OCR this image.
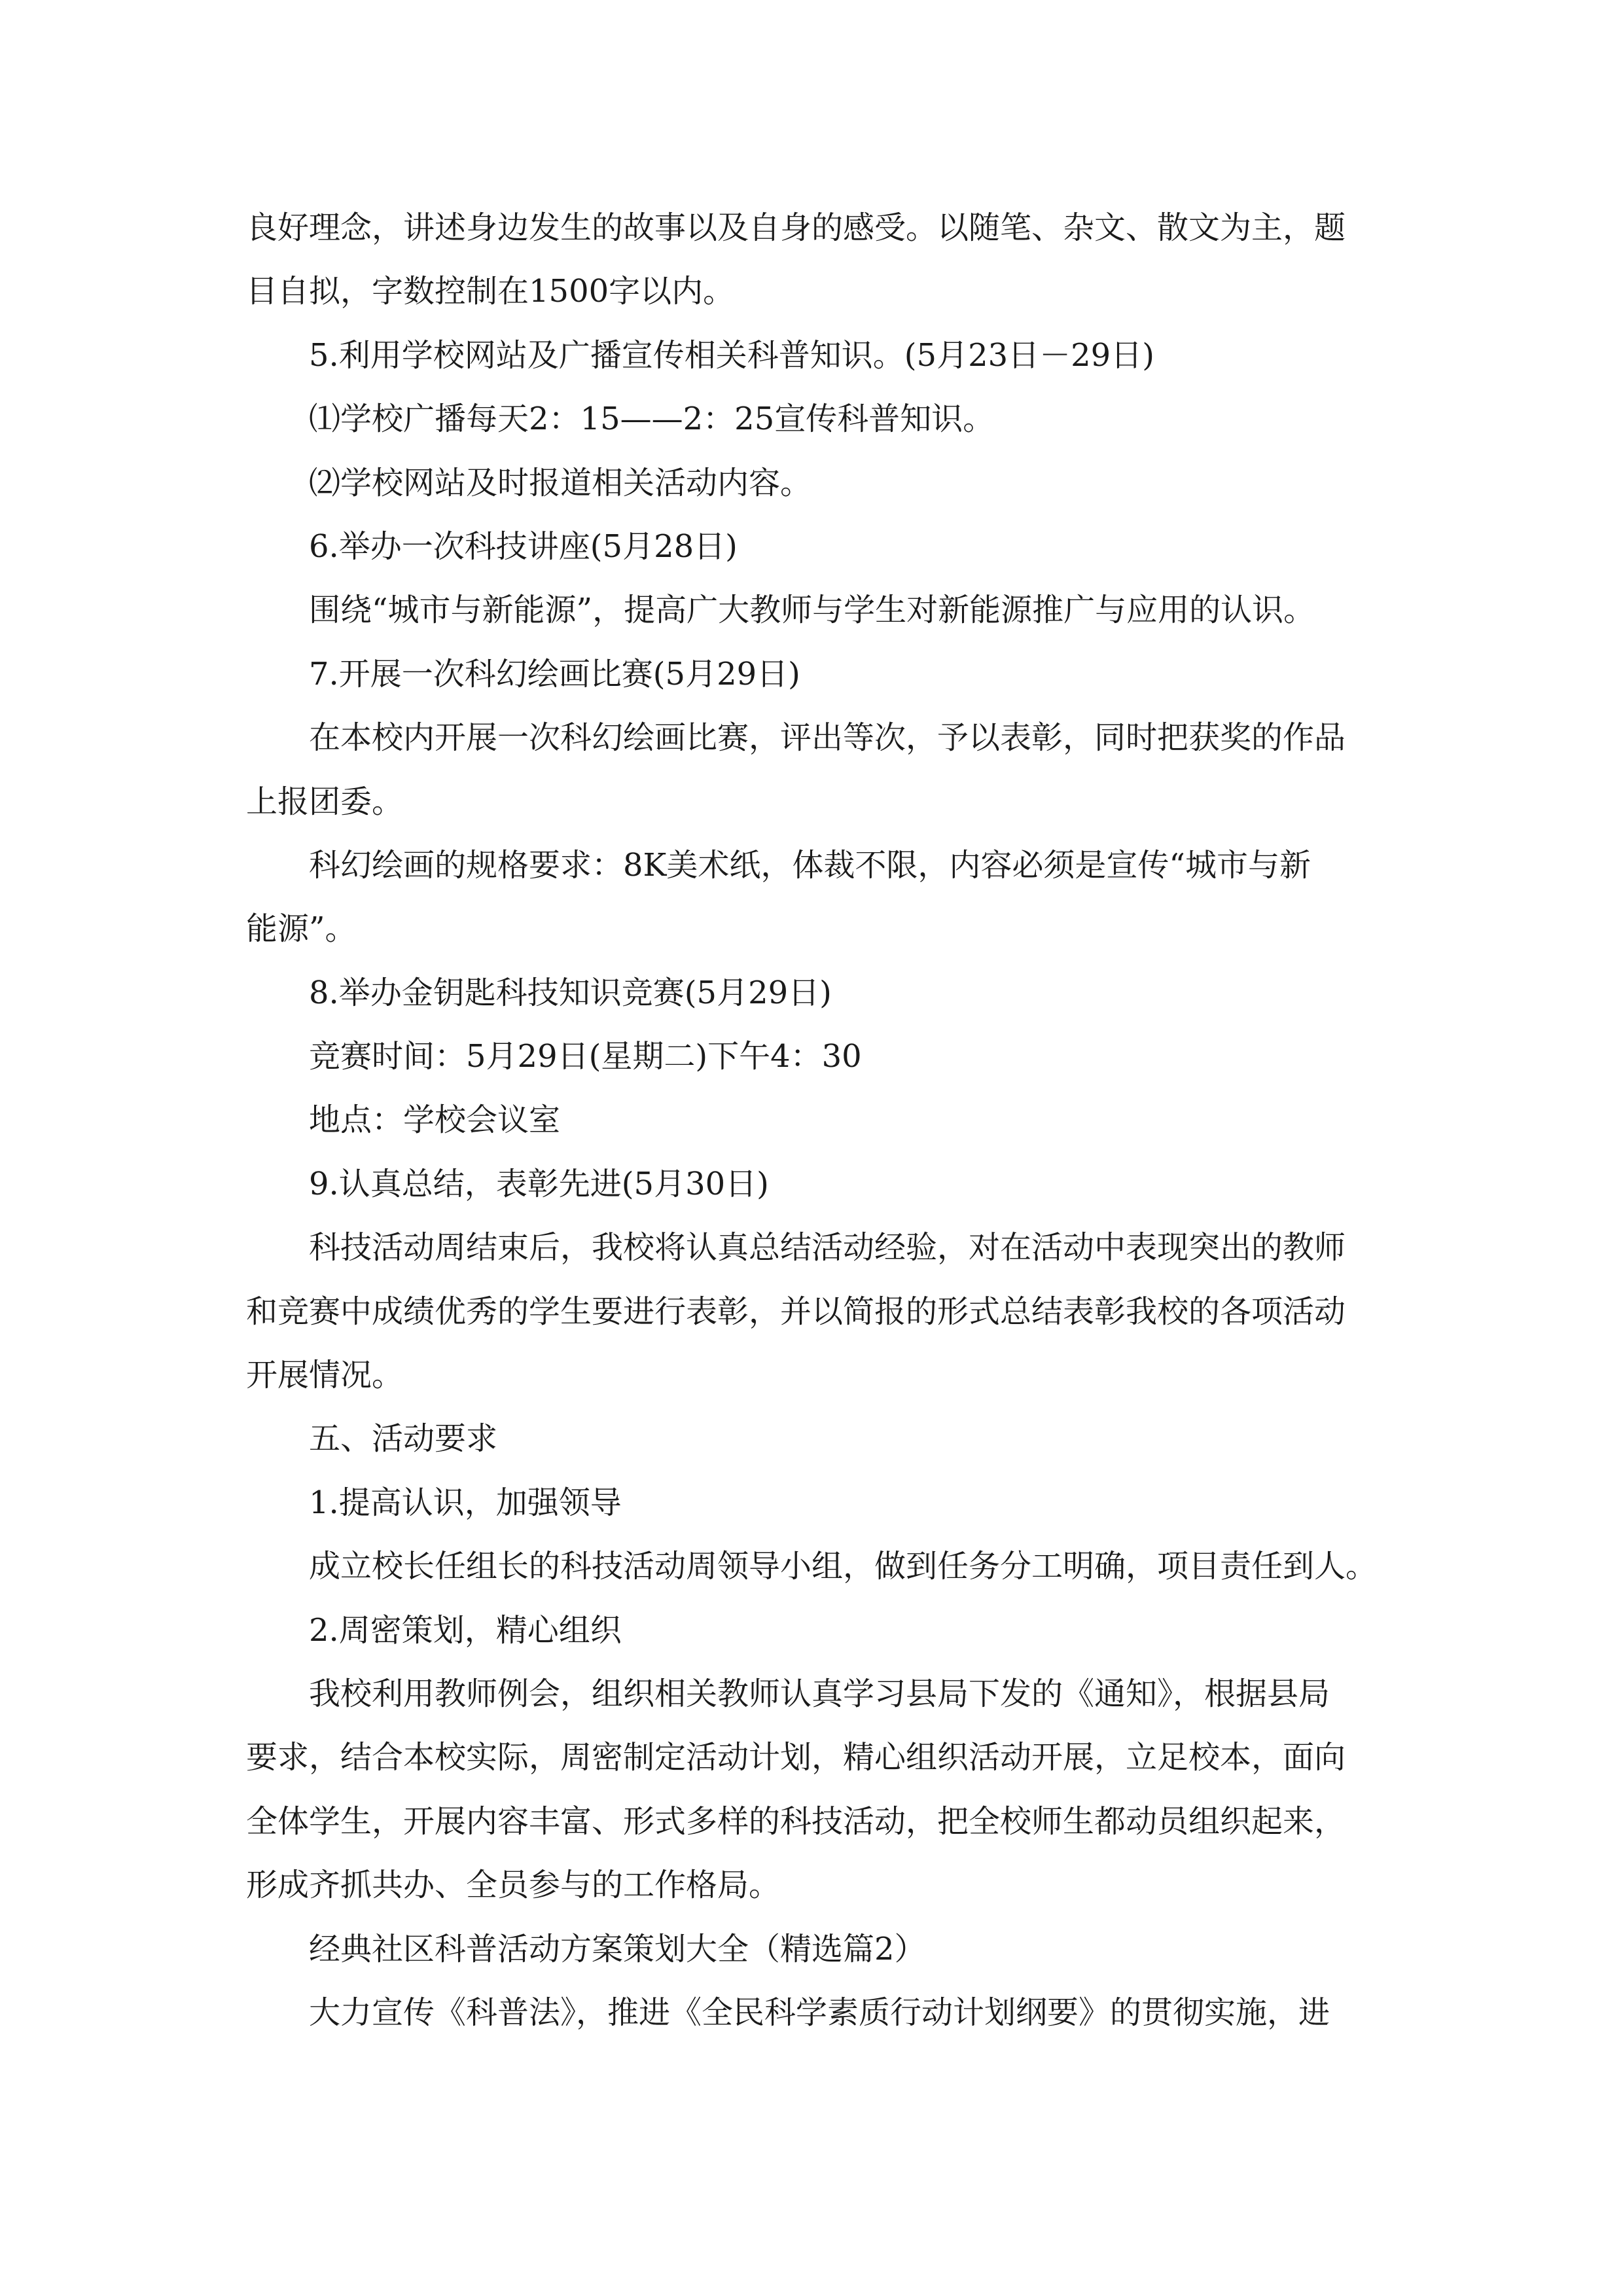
良好理念，讲述身边发生的故事以及自身的感受。以随笔、杂文、散文为主，题
目自拟，字数控制在1500字以内。
5.利用学校网站及广播宣传相关科普知识。(5月23日－29日)
⑴学校广播每天2：15——2：25宣传科普知识。
⑵学校网站及时报道相关活动内容。
6.举办一次科技讲座(5月28日)
围绕“城市与新能源”，提高广大教师与学生对新能源推广与应用的认识。
7.开展一次科幻绘画比赛(5月29日)
在本校内开展一次科幻绘画比赛，评出等次，予以表彰，同时把获奖的作品
上报团委。
科幻绘画的规格要求：8K美术纸，体裁不限，内容必须是宣传“城市与新
能源”。
8.举办金钥匙科技知识竞赛(5月29日)
竞赛时间：5月29日(星期二)下午4：30
地点：学校会议室
9.认真总结，表彰先进(5月30日)
科技活动周结束后，我校将认真总结活动经验，对在活动中表现突出的教师
和竞赛中成绩优秀的学生要进行表彰，并以简报的形式总结表彰我校的各项活动
开展情况。
五、活动要求
1.提高认识，加强领导
成立校长任组长的科技活动周领导小组，做到任务分工明确，项目责任到人。
2.周密策划，精心组织
我校利用教师例会，组织相关教师认真学习县局下发的《通知》，根据县局
要求，结合本校实际，周密制定活动计划，精心组织活动开展，立足校本，面向
全体学生，开展内容丰富、形式多样的科技活动，把全校师生都动员组织起来，
形成齐抓共办、全员参与的工作格局。
经典社区科普活动方案策划大全（精选篇2）
大力宣传《科普法》，推进《全民科学素质行动计划纲要》的贯彻实施，进
